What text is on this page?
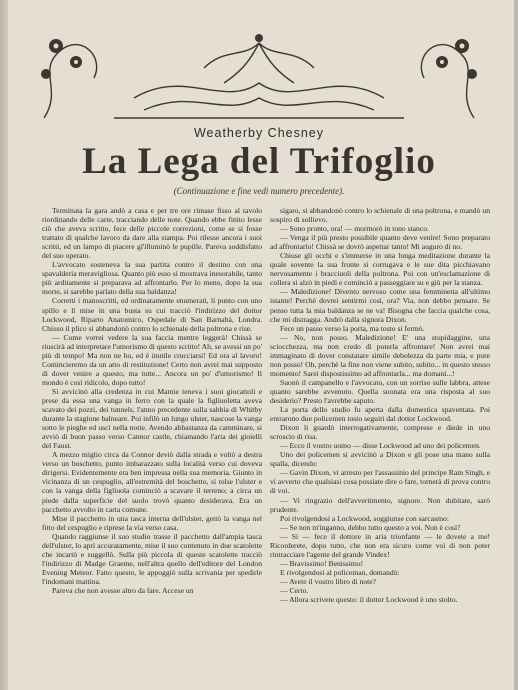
Weatherby Chesney
La Lega del Trifoglio
(Continuazione e fine vedi numero precedente).

Terminata la gara andò a casa e per tre ore rimase fisso al tavolo riordinando delle carte, tracciando delle note. Quando ebbe finito lesse ciò che aveva scritto, fece delle piccole correzioni, come se si fosse trattato di qualche lavoro da dare alla stampa. Poi rilesse ancora i suoi scritti, ed un lampo di piacere gl'illuminò le pupille. Pareva soddisfatto del suo operato.

L'avvocato sosteneva la sua partita contro il destino con una spavalderia meravigliosa. Quanto più esso si mostrava inesorabile, tanto più arditamente si preparava ad affrontarlo. Per lo meno, dopo la sua morte, si sarebbe parlato della sua baldanza!

Corretti i manoscritti, ed ordinatamente enumerati, li punto con uno spillo e li mise in una busta su cui tracciò l'indirizzo del dottor Lockwood, Riparto Anatomico, Ospedale di San Barnabà, Londra. Chiuso il plico si abbandonò contro lo schienale della poltrona e rise.

— Come vorrei vedere la sua faccia mentre leggerà! Chissà se riuscirà ad interpretare l'umorismo di questo scritto! Ah, se avessi un po' più di tempo! Ma non ne ho, ed è inutile crucciarsi! Ed ora al lavoro! Comincieremo da un atto di restituzione! Certo non avrei mai supposto di dover venire a questo, ma tutte... Ancora un po' d'umorismo! Il mondo è così ridicolo, dopo tutto!

Si avvicinò alla credenza in cui Mamie teneva i suoi giocattoli e prese da essa una vanga in ferro con la quale la figliuoletta aveva scavato dei pozzi, dei tunnels, l'anno precedente sulla sabbia di Whitby durante la stagione balneare. Poi infilò un lungo ulster, nascose la vanga sotto le pieghe ed uscì nella notte. Avendo abbastanza da camminare, si avviò di buon passo verso Cannor castle, chiamando l'aria dei gioielli del Faust.

A mezzo miglio circa da Connor deviò dalla strada e voltò a destra verso un boschetto, punto imbarazzato sulla località verso cui doveva dirigersi. Evidentemente era ben impressa nella sua memoria. Giunto in vicinanza di un cespuglio, all'estremità del boschetto, si tolse l'ulster e con la vanga della figliuola cominciò a scavare il terreno; a circa un piede dalla superficie del suolo trovò quanto desiderava. Era un pacchetto avvolto in carta comune.

Mise il pacchetto in una tasca interna dell'ulster, gettò la vanga nel fitto del cespuglio e riprese la via verso casa.

Quando raggiunse il suo studio trasse il pacchetto dall'ampia tasca dell'ulster, lo aprì accuratamente, mise il suo contenuto in due scatolette che incartò e suggellò. Sulla più piccola di queste scatolette tracciò l'indirizzo di Madge Graeme, nell'altra quello dell'editore del London Evening Meteor. Fatto questo, le appoggiò sulla scrivania per spedirle l'indomani mattina.

Pareva che non avesse altro da fare. Accese un

sigaro, si abbandonò contro lo schienale di una poltrona, e mandò un sospiro di sollievo.

— Sono pronto, ora! — mormorò in tono stanco.

— Venga il più presto possibile quanto deve venire! Sono preparato ad affrontarlo! Chissà se dovrò aspettar tanto! Mi auguro di no.

Chiuse gli occhi e s'immerse in una lunga meditazione durante la quale sovente la sua fronte si corrugava e le sue dita picchiavano nervosamente i bracciuoli della poltrona. Poi con un'esclamazione di collera si alzò in piedi e cominciò a passeggiare su e giù per la stanza.

— Maledizione! Divento nervoso come una femminetta all'ultimo istante! Perchè dovrei sentirmi così, ora? Via, non debbo pensare. Se penso tutta la mia baldanza se ne va! Bisogna che faccia qualche cosa, che mi distragga. Andrò dalla signora Dixon.

Fece un passo verso la porta, ma tosto si fermò.

— No, non posso. Maledizione! E' una stupidaggine, una sciocchezza, ma non credo di poterla affrontare! Non avrei mai immaginato di dover constatare simile debolezza da parte mia, e pure non posso! Oh, perchè la fine non viene subito, subito... in questo stesso momento! Sarei dispostissimo ad affrontarla... ma domani...!

Suonò il campanello e l'avvocato, con un sorriso sulle labbra, attese quanto sarebbe avvenuto. Quella suonata era una risposta al suo desiderio? Presto l'avrebbe saputo.

La porta dello studio fu aperta dalla domestica spaventata. Poi entrarono due policemen tosto seguiti dal dottor Lockwood.

Dixon li guardò interrogativamente, comprese e diede in uno scroscio di risa.

— Ecco il vostro uomo — disse Lockwood ad uno dei policemen.

Uno dei policemen si avvicinò a Dixon e gli pose una mano sulla spalla, dicendo:

— Gavin Dixon, vi arresto per l'assassinio del principe Ram Singh, e vi avverto che qualsiasi cosa possiate dire o fare, tornerà di prova contro di voi.

— Vi ringrazio dell'avvertimento, signore. Non dubitate, sarò prudente.

Poi rivolgendosi a Lockwood, soggiunse con sarcasmo:

— Se non m'inganno, debbo tutto questo a voi. Non è così?

— Sì — fece il dottore in aria trionfante — le dovete a me! Ricorderete, dopo tutto, che non era sicuro come voi di non poter rintracciare l'agente del grande Vindex!

— Bravissimo! Benissimo!

E rivolgendosi al policeman, domandò:

— Avete il vostro libro di note?

— Certo.

— Allora scrivete questo: il dottor Lockwood è uno stolto.
